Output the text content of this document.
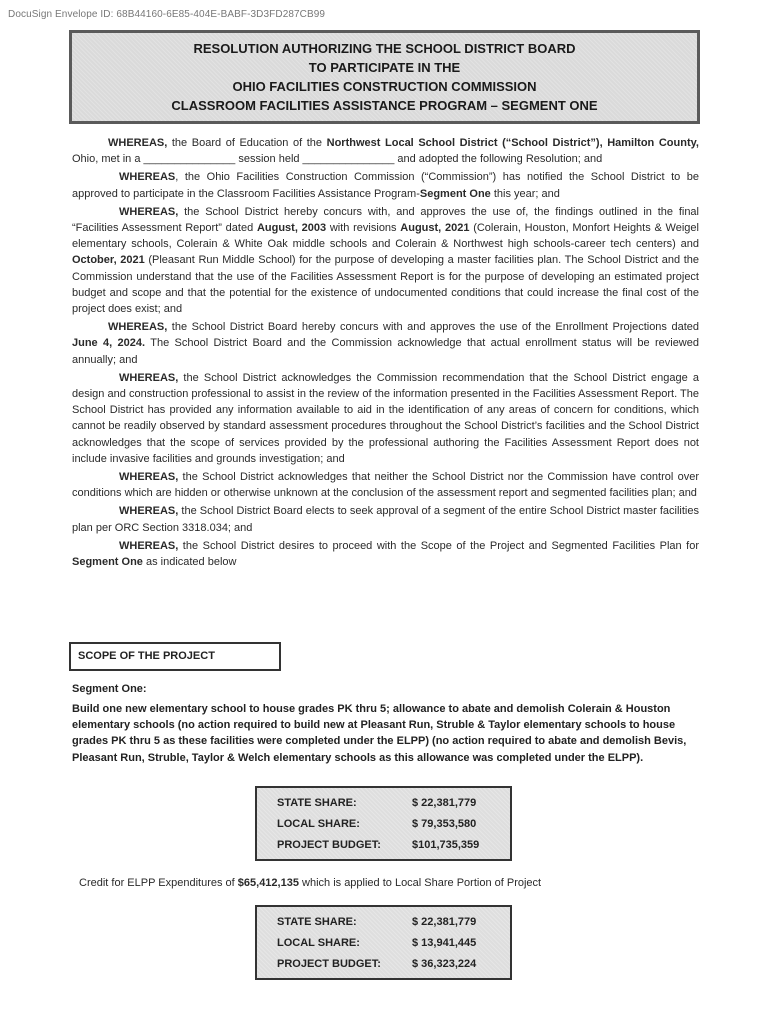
DocuSign Envelope ID: 68B44160-6E85-404E-BABF-3D3FD287CB99
RESOLUTION AUTHORIZING THE SCHOOL DISTRICT BOARD
TO PARTICIPATE IN THE
OHIO FACILITIES CONSTRUCTION COMMISSION
CLASSROOM FACILITIES ASSISTANCE PROGRAM – SEGMENT ONE

WHEREAS, the Board of Education of the Northwest Local School District (“School District”), Hamilton County, Ohio, met in a _______________ session held _______________ and adopted the following Resolution; and

WHEREAS, the Ohio Facilities Construction Commission (“Commission”) has notified the School District to be approved to participate in the Classroom Facilities Assistance Program-Segment One this year; and

WHEREAS, the School District hereby concurs with, and approves the use of, the findings outlined in the final “Facilities Assessment Report” dated August, 2003 with revisions August, 2021 (Colerain, Houston, Monfort Heights & Weigel elementary schools, Colerain & White Oak middle schools and Colerain & Northwest high schools-career tech centers) and October, 2021 (Pleasant Run Middle School) for the purpose of developing a master facilities plan. The School District and the Commission understand that the use of the Facilities Assessment Report is for the purpose of developing an estimated project budget and scope and that the potential for the existence of undocumented conditions that could increase the final cost of the project does exist; and

WHEREAS, the School District Board hereby concurs with and approves the use of the Enrollment Projections dated June 4, 2024. The School District Board and the Commission acknowledge that actual enrollment status will be reviewed annually; and

WHEREAS, the School District acknowledges the Commission recommendation that the School District engage a design and construction professional to assist in the review of the information presented in the Facilities Assessment Report. The School District has provided any information available to aid in the identification of any areas of concern for conditions, which cannot be readily observed by standard assessment procedures throughout the School District’s facilities and the School District acknowledges that the scope of services provided by the professional authoring the Facilities Assessment Report does not include invasive facilities and grounds investigation; and

WHEREAS, the School District acknowledges that neither the School District nor the Commission have control over conditions which are hidden or otherwise unknown at the conclusion of the assessment report and segmented facilities plan; and

WHEREAS, the School District Board elects to seek approval of a segment of the entire School District master facilities plan per ORC Section 3318.034; and

WHEREAS, the School District desires to proceed with the Scope of the Project and Segmented Facilities Plan for Segment One as indicated below

SCOPE OF THE PROJECT
Segment One:
Build one new elementary school to house grades PK thru 5; allowance to abate and demolish Colerain & Houston elementary schools (no action required to build new at Pleasant Run, Struble & Taylor elementary schools to house grades PK thru 5 as these facilities were completed under the ELPP) (no action required to abate and demolish Bevis, Pleasant Run, Struble, Taylor & Welch elementary schools as this allowance was completed under the ELPP).
STATE SHARE:	$ 22,381,779
LOCAL SHARE:	$ 79,353,580
PROJECT BUDGET:	$101,735,359
Credit for ELPP Expenditures of $65,412,135 which is applied to Local Share Portion of Project
STATE SHARE:	$ 22,381,779
LOCAL SHARE:	$ 13,941,445
PROJECT BUDGET:	$ 36,323,224
